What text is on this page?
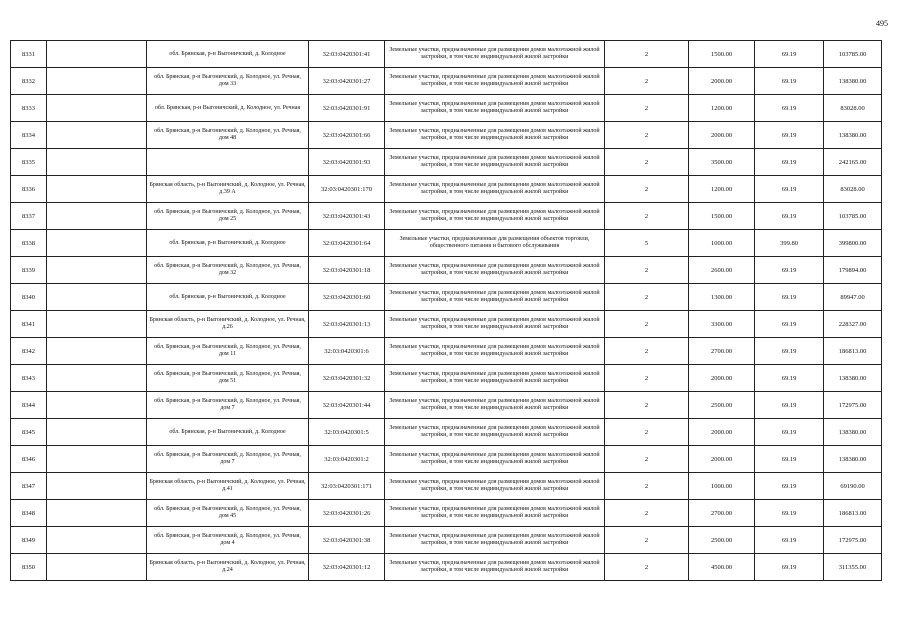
495
8331		обл. Брянская, р-н Выгоничский, д. Колодное	32:03:0420301:41	Земельные участки, предназначенные для размещения домов малоэтажной жилой застройки, в том числе индивидуальной жилой застройки	2	1500.00	69.19	103785.00
8332		обл. Брянская, р-н Выгоничский, д. Колодное, ул. Речная, дом 33	32:03:0420301:27	Земельные участки, предназначенные для размещения домов малоэтажной жилой застройки, в том числе индивидуальной жилой застройки	2	2000.00	69.19	138380.00
8333		обл. Брянская, р-н Выгоничский, д. Колодное, ул. Речная	32:03:0420301:91	Земельные участки, предназначенные для размещения домов малоэтажной жилой застройки, в том числе индивидуальной жилой застройки	2	1200.00	69.19	83028.00
8334		обл. Брянская, р-н Выгоничский, д. Колодное, ул. Речная, дом 48	32:03:0420301:66	Земельные участки, предназначенные для размещения домов малоэтажной жилой застройки, в том числе индивидуальной жилой застройки	2	2000.00	69.19	138380.00
8335			32:03:0420301:93	Земельные участки, предназначенные для размещения домов малоэтажной жилой застройки, в том числе индивидуальной жилой застройки	2	3500.00	69.19	242165.00
8336		Брянская область, р-н Выгоничский, д. Колодное, ул. Речная, д.39 А	32:03:0420301:170	Земельные участки, предназначенные для размещения домов малоэтажной жилой застройки, в том числе индивидуальной жилой застройки	2	1200.00	69.19	83028.00
8337		обл. Брянская, р-н Выгоничский, д. Колодное, ул. Речная, дом 25	32:03:0420301:43	Земельные участки, предназначенные для размещения домов малоэтажной жилой застройки, в том числе индивидуальной жилой застройки	2	1500.00	69.19	103785.00
8338		обл. Брянская, р-н Выгоничский, д. Колодное	32:03:0420301:64	Земельные участки, предназначенные для размещения объектов торговли, общественного питания и бытового обслуживания	5	1000.00	399.80	399800.00
8339		обл. Брянская, р-н Выгоничский, д. Колодное, ул. Речная, дом 32	32:03:0420301:18	Земельные участки, предназначенные для размещения домов малоэтажной жилой застройки, в том числе индивидуальной жилой застройки	2	2600.00	69.19	179894.00
8340		обл. Брянская, р-н Выгоничский, д. Колодное	32:03:0420301:60	Земельные участки, предназначенные для размещения домов малоэтажной жилой застройки, в том числе индивидуальной жилой застройки	2	1300.00	69.19	89947.00
8341		Брянская область, р-н Выгоничский, д. Колодное, ул. Речная, д.26	32:03:0420301:13	Земельные участки, предназначенные для размещения домов малоэтажной жилой застройки, в том числе индивидуальной жилой застройки	2	3300.00	69.19	228327.00
8342		обл. Брянская, р-н Выгоничский, д. Колодное, ул. Речная, дом 11	32:03:0420301:6	Земельные участки, предназначенные для размещения домов малоэтажной жилой застройки, в том числе индивидуальной жилой застройки	2	2700.00	69.19	186813.00
8343		обл. Брянская, р-н Выгоничский, д. Колодное, ул. Речная, дом 51	32:03:0420301:32	Земельные участки, предназначенные для размещения домов малоэтажной жилой застройки, в том числе индивидуальной жилой застройки	2	2000.00	69.19	138380.00
8344		обл. Брянская, р-н Выгоничский, д. Колодное, ул. Речная, дом 7	32:03:0420301:44	Земельные участки, предназначенные для размещения домов малоэтажной жилой застройки, в том числе индивидуальной жилой застройки	2	2500.00	69.19	172975.00
8345		обл. Брянская, р-н Выгоничский, д. Колодное	32:03:0420301:5	Земельные участки, предназначенные для размещения домов малоэтажной жилой застройки, в том числе индивидуальной жилой застройки	2	2000.00	69.19	138380.00
8346		обл. Брянская, р-н Выгоничский, д. Колодное, ул. Речная, дом 7	32:03:0420301:2	Земельные участки, предназначенные для размещения домов малоэтажной жилой застройки, в том числе индивидуальной жилой застройки	2	2000.00	69.19	138380.00
8347		Брянская область, р-н Выгоничский, д. Колодное, ул. Речная, д.41	32:03:0420301:171	Земельные участки, предназначенные для размещения домов малоэтажной жилой застройки, в том числе индивидуальной жилой застройки	2	1000.00	69.19	69190.00
8348		обл. Брянская, р-н Выгоничский, д. Колодное, ул. Речная, дом 45	32:03:0420301:26	Земельные участки, предназначенные для размещения домов малоэтажной жилой застройки, в том числе индивидуальной жилой застройки	2	2700.00	69.19	186813.00
8349		обл. Брянская, р-н Выгоничский, д. Колодное, ул. Речная, дом 4	32:03:0420301:38	Земельные участки, предназначенные для размещения домов малоэтажной жилой застройки, в том числе индивидуальной жилой застройки	2	2500.00	69.19	172975.00
8350		Брянская область, р-н Выгоничский, д. Колодное, ул. Речная, д.24	32:03:0420301:12	Земельные участки, предназначенные для размещения домов малоэтажной жилой застройки, в том числе индивидуальной жилой застройки	2	4500.00	69.19	311355.00
